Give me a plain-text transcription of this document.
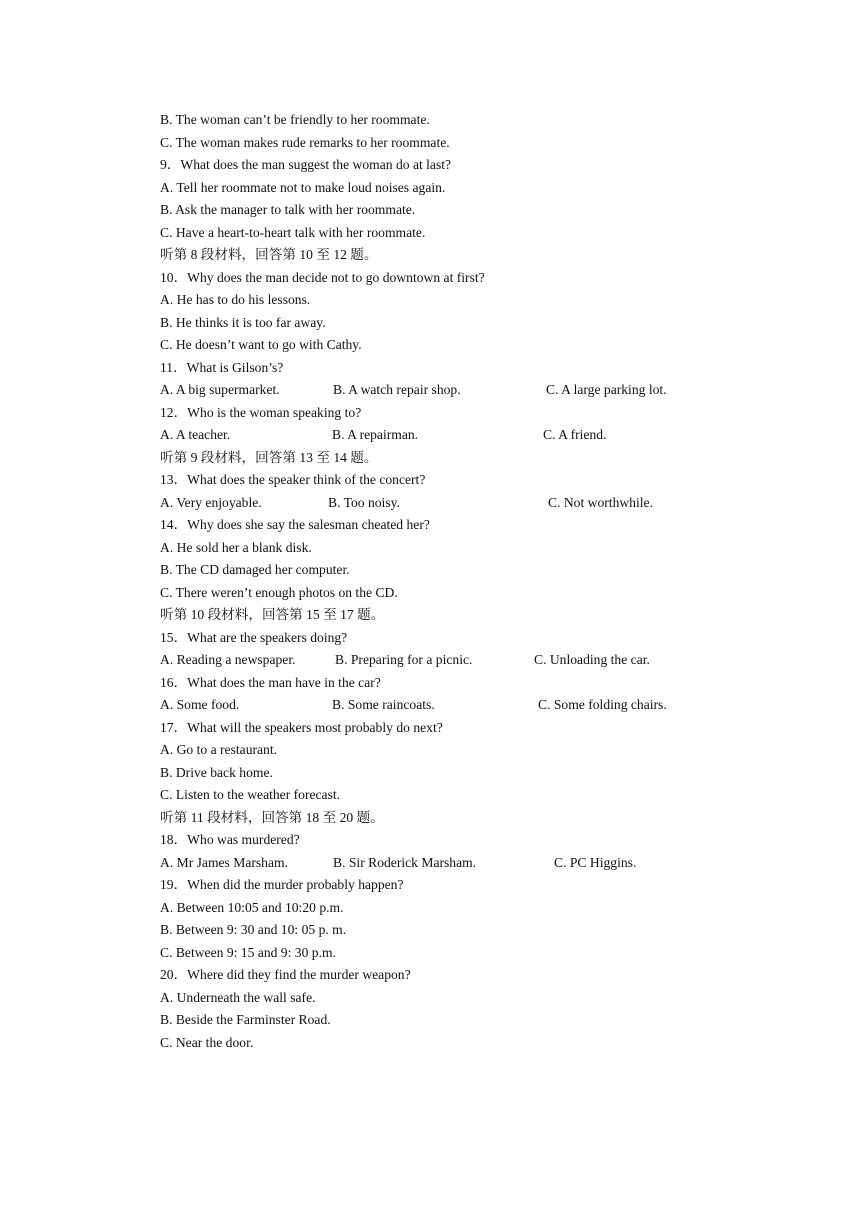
B. The woman can’t be friendly to her roommate.
C. The woman makes rude remarks to her roommate.
9．What does the man suggest the woman do at last?
A. Tell her roommate not to make loud noises again.
B. Ask the manager to talk with her roommate.
C. Have a heart-to-heart talk with her roommate.
听第 8 段材料，回答第 10 至 12 题。
10．Why does the man decide not to go downtown at first?
A. He has to do his lessons.
B. He thinks it is too far away.
C. He doesn’t want to go with Cathy.
11．What is Gilson’s?
A. A big supermarket.	B. A watch repair shop.	C. A large parking lot.
12．Who is the woman speaking to?
A. A teacher.	B. A repairman.	C. A friend.
听第 9 段材料，回答第 13 至 14 题。
13．What does the speaker think of the concert?
A. Very enjoyable.	B. Too noisy.	C. Not worthwhile.
14．Why does she say the salesman cheated her?
A. He sold her a blank disk.
B. The CD damaged her computer.
C. There weren’t enough photos on the CD.
听第 10 段材料，回答第 15 至 17 题。
15．What are the speakers doing?
A. Reading a newspaper.	B. Preparing for a picnic.	C. Unloading the car.
16．What does the man have in the car?
A. Some food.	B. Some raincoats.	C. Some folding chairs.
17．What will the speakers most probably do next?
A. Go to a restaurant.
B. Drive back home.
C. Listen to the weather forecast.
听第 11 段材料，回答第 18 至 20 题。
18．Who was murdered?
A. Mr James Marsham.	B. Sir Roderick Marsham.	C. PC Higgins.
19．When did the murder probably happen?
A. Between 10:05 and 10:20 p.m.
B. Between 9: 30 and 10: 05 p. m.
C. Between 9: 15 and 9: 30 p.m.
20．Where did they find the murder weapon?
A. Underneath the wall safe.
B. Beside the Farminster Road.
C. Near the door.
